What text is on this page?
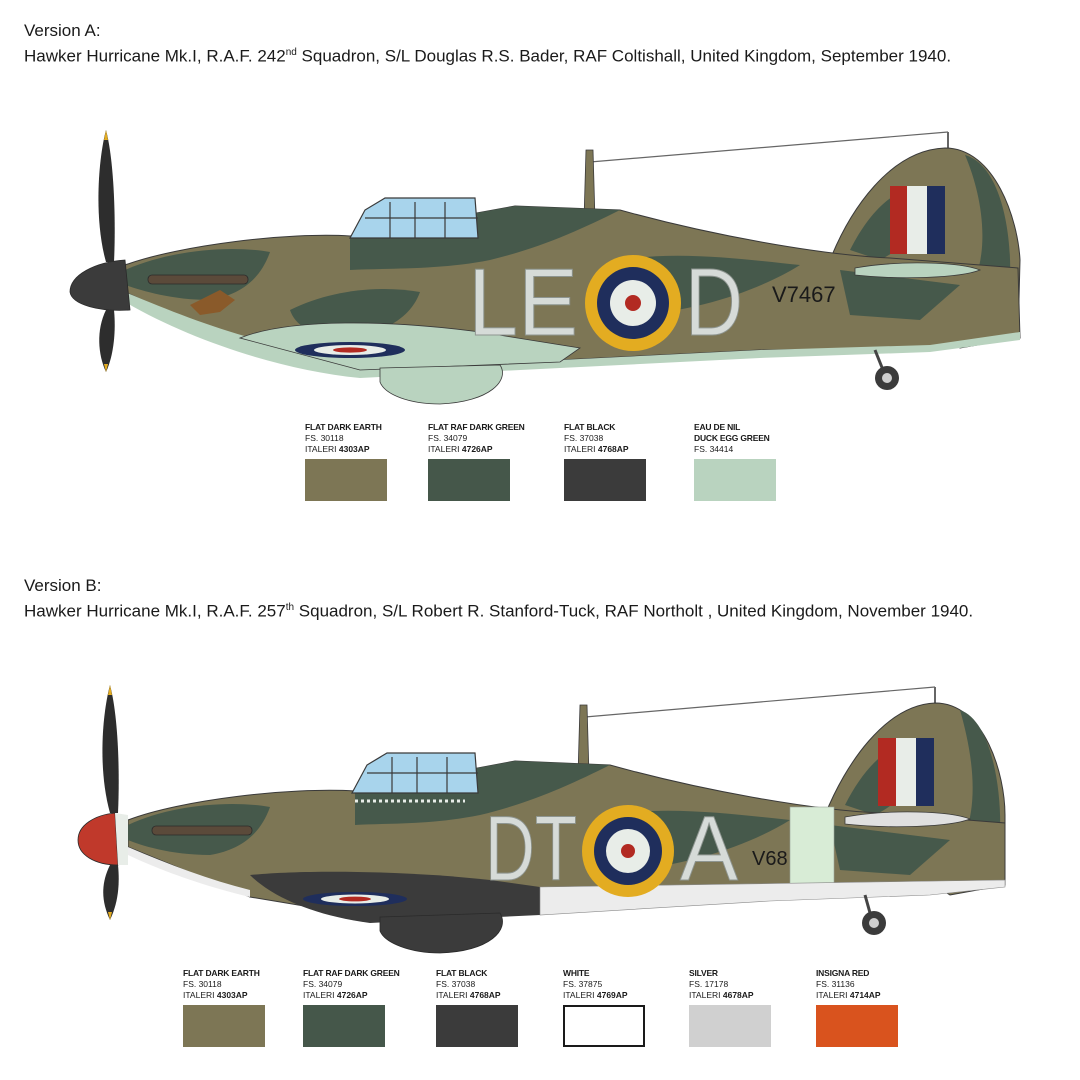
Version A:
Hawker Hurricane Mk.I, R.A.F. 242nd Squadron, S/L Douglas R.S. Bader, RAF Coltishall, United Kingdom, September 1940.
LE D V7467
FLAT DARK EARTH
FS. 30118
ITALERI 4303AP
FLAT RAF DARK GREEN
FS. 34079
ITALERI 4726AP
FLAT BLACK
FS. 37038
ITALERI 4768AP
EAU DE NIL
DUCK EGG GREEN
FS. 34414
Version B:
Hawker Hurricane Mk.I, R.A.F. 257th Squadron, S/L Robert R. Stanford-Tuck, RAF Northolt , United Kingdom, November 1940.
DT A V68
FLAT DARK EARTH
FS. 30118
ITALERI 4303AP
FLAT RAF DARK GREEN
FS. 34079
ITALERI 4726AP
FLAT BLACK
FS. 37038
ITALERI 4768AP
WHITE
FS. 37875
ITALERI 4769AP
SILVER
FS. 17178
ITALERI 4678AP
INSIGNA RED
FS. 31136
ITALERI 4714AP
